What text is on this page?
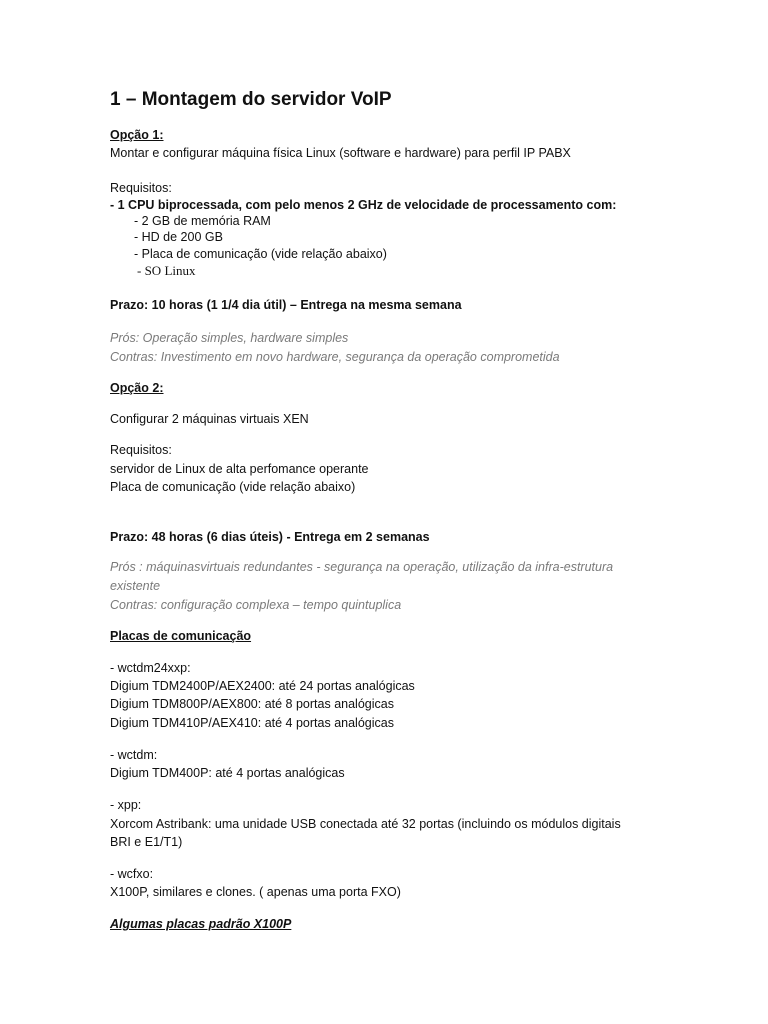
1 – Montagem do servidor VoIP
Opção 1:
Montar e configurar máquina física Linux (software e hardware) para perfil IP PABX
Requisitos:
- 1 CPU biprocessada, com pelo menos 2 GHz de velocidade de processamento com:
- 2 GB de memória RAM
- HD de 200 GB
- Placa de comunicação (vide relação abaixo)
- SO Linux
Prazo: 10 horas (1 1/4 dia útil) – Entrega na mesma semana
Prós: Operação simples, hardware simples
Contras: Investimento em novo hardware, segurança da operação comprometida
Opção 2:
Configurar 2 máquinas virtuais XEN
Requisitos:
servidor de Linux de alta perfomance operante
Placa de comunicação (vide relação abaixo)
Prazo: 48 horas (6 dias úteis) - Entrega em 2 semanas
Prós : máquinasvirtuais redundantes - segurança na operação, utilização da infra-estrutura
existente
Contras: configuração complexa – tempo quintuplica
Placas de comunicação
- wctdm24xxp:
Digium TDM2400P/AEX2400: até 24 portas analógicas
Digium TDM800P/AEX800: até 8 portas analógicas
Digium TDM410P/AEX410: até 4 portas analógicas
- wctdm:
Digium TDM400P: até 4 portas analógicas
- xpp:
Xorcom Astribank: uma unidade USB conectada até 32 portas (incluindo os módulos digitais
BRI e E1/T1)
- wcfxo:
X100P, similares e clones. ( apenas uma porta FXO)
Algumas placas padrão X100P
